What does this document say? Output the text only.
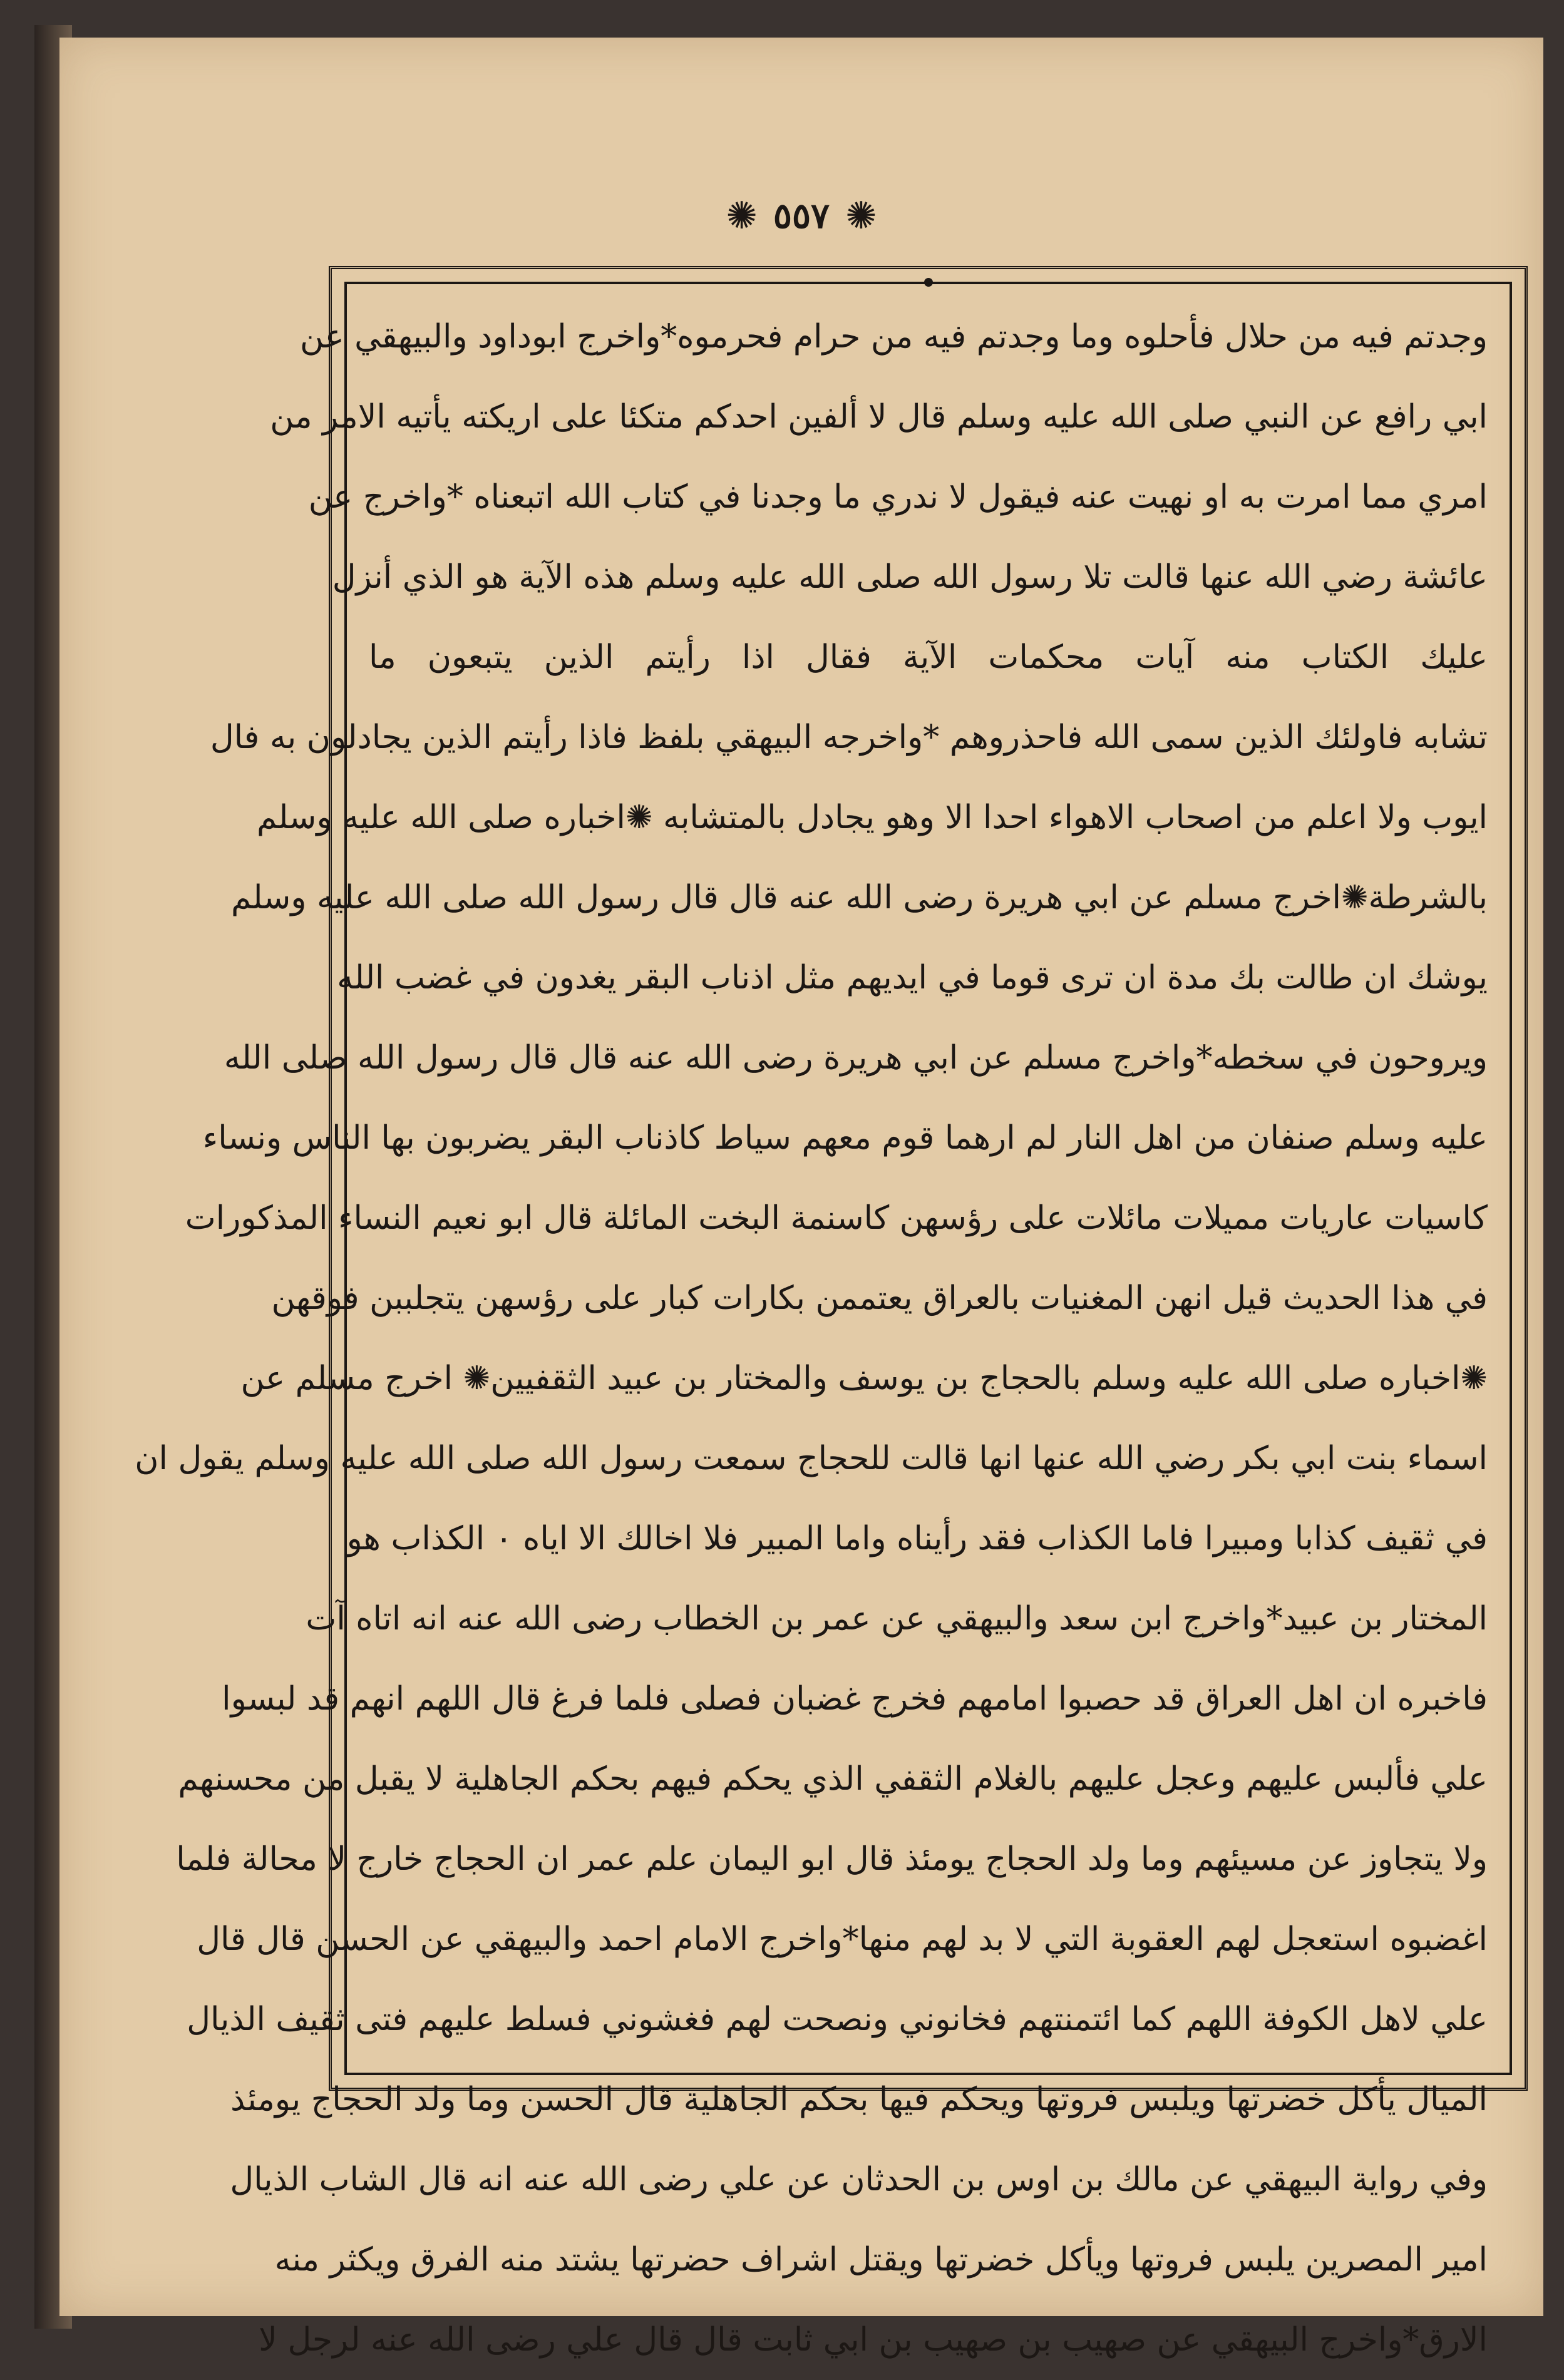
✺ ٥٥٧ ✺
وجدتم فيه من حلال فأحلوه وما وجدتم فيه من حرام فحرموه*واخرج ابوداود والبيهقي عن
ابي رافع عن النبي صلى الله عليه وسلم قال لا ألفين احدكم متكئا على اريكته يأتيه الامر من
امري مما امرت به او نهيت عنه فيقول لا ندري ما وجدنا في كتاب الله اتبعناه *واخرج عن
عائشة رضي الله عنها قالت تلا رسول الله صلى الله عليه وسلم هذه الآية هو الذي أنزل
عليك الكتاب منه آيات محكمات الآية فقال اذا رأيتم الذين يتبعون ما
تشابه فاولئك الذين سمى الله فاحذروهم *واخرجه البيهقي بلفظ فاذا رأيتم الذين يجادلون به فال
ايوب ولا اعلم من اصحاب الاهواء احدا الا وهو يجادل بالمتشابه ✺اخباره صلى الله عليه وسلم
بالشرطة✺اخرج مسلم عن ابي هريرة رضى الله عنه قال قال رسول الله صلى الله عليه وسلم
يوشك ان طالت بك مدة ان ترى قوما في ايديهم مثل اذناب البقر يغدون في غضب الله
ويروحون في سخطه*واخرج مسلم عن ابي هريرة رضى الله عنه قال قال رسول الله صلى الله
عليه وسلم صنفان من اهل النار لم ارهما قوم معهم سياط كاذناب البقر يضربون بها الناس ونساء
كاسيات عاريات مميلات مائلات على رؤسهن كاسنمة البخت المائلة قال ابو نعيم النساء المذكورات
في هذا الحديث قيل انهن المغنيات بالعراق يعتممن بكارات كبار على رؤسهن يتجلببن فوقهن
✺اخباره صلى الله عليه وسلم بالحجاج بن يوسف والمختار بن عبيد الثقفيين✺ اخرج مسلم عن
اسماء بنت ابي بكر رضي الله عنها انها قالت للحجاج سمعت رسول الله صلى الله عليه وسلم يقول ان
في ثقيف كذابا ومبيرا فاما الكذاب فقد رأيناه واما المبير فلا اخالك الا اياه ٠ الكذاب هو
المختار بن عبيد*واخرج ابن سعد والبيهقي عن عمر بن الخطاب رضى الله عنه انه اتاه آت
فاخبره ان اهل العراق قد حصبوا امامهم فخرج غضبان فصلى فلما فرغ قال اللهم انهم قد لبسوا
علي فألبس عليهم وعجل عليهم بالغلام الثقفي الذي يحكم فيهم بحكم الجاهلية لا يقبل من محسنهم
ولا يتجاوز عن مسيئهم وما ولد الحجاج يومئذ قال ابو اليمان علم عمر ان الحجاج خارج لا محالة فلما
اغضبوه استعجل لهم العقوبة التي لا بد لهم منها*واخرج الامام احمد والبيهقي عن الحسن قال قال
علي لاهل الكوفة اللهم كما ائتمنتهم فخانوني ونصحت لهم فغشوني فسلط عليهم فتى ثقيف الذيال
الميال يأكل خضرتها ويلبس فروتها ويحكم فيها بحكم الجاهلية قال الحسن وما ولد الحجاج يومئذ
وفي رواية البيهقي عن مالك بن اوس بن الحدثان عن علي رضى الله عنه انه قال الشاب الذيال
امير المصرين يلبس فروتها ويأكل خضرتها ويقتل اشراف حضرتها يشتد منه الفرق ويكثر منه
الارق*واخرج البيهقي عن صهيب بن صهيب بن ابي ثابت قال قال علي رضى الله عنه لرجل لا
